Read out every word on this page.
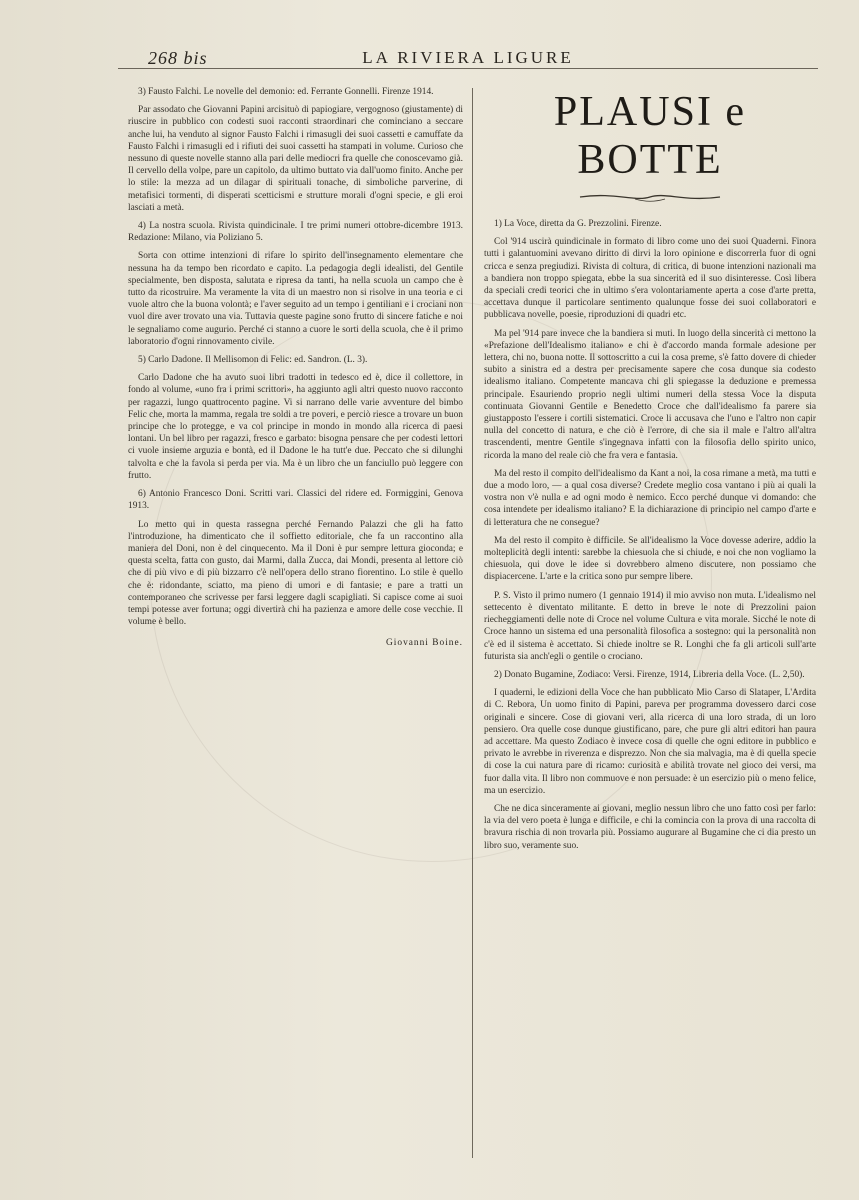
268 bis	LA RIVIERA LIGURE

3) Fausto Falchi. Le novelle del demonio: ed. Ferrante Gonnelli. Firenze 1914.

Par assodato che Giovanni Papini arcisituò di papiogiare, vergognoso (giustamente) di riuscire in pubblico con codesti suoi racconti straordinari che cominciano a seccare anche lui, ha venduto al signor Fausto Falchi i rimasugli dei suoi cassetti e camuffate da Fausto Falchi i rimasugli ed i rifiuti dei suoi cassetti ha stampati in volume. Curioso che nessuno di queste novelle stanno alla pari delle mediocri fra quelle che conoscevamo già. Il cervello della volpe, pare un capitolo, da ultimo buttato via dall'uomo finito. Anche per lo stile: la mezza ad un dilagar di spirituali tonache, di simboliche parverine, di metafisici tormenti, di disperati scetticismi e strutture morali d'ogni specie, e gli eroi lasciati a metà.

4) La nostra scuola. Rivista quindicinale. I tre primi numeri ottobre-dicembre 1913. Redazione: Milano, via Poliziano 5.

Sorta con ottime intenzioni di rifare lo spirito dell'insegnamento elementare che nessuna ha da tempo ben ricordato e capito. La pedagogia degli idealisti, del Gentile specialmente, ben disposta, salutata e ripresa da tanti, ha nella scuola un campo che è tutto da ricostruire. Ma veramente la vita di un maestro non si risolve in una teoria e ci vuole altro che la buona volontà; e l'aver seguito ad un tempo i gentiliani e i crociani non vuol dire aver trovato una via. Tuttavia queste pagine sono frutto di sincere fatiche e noi le segnaliamo come augurio. Perché ci stanno a cuore le sorti della scuola, che è il primo laboratorio d'ogni rinnovamento civile.

5) Carlo Dadone. Il Mellisomon di Felic: ed. Sandron. (L. 3).

Carlo Dadone che ha avuto suoi libri tradotti in tedesco ed è, dice il collettore, in fondo al volume, «uno fra i primi scrittori», ha aggiunto agli altri questo nuovo racconto per ragazzi, lungo quattrocento pagine. Vi si narrano delle varie avventure del bimbo Felic che, morta la mamma, regala tre soldi a tre poveri, e perciò riesce a trovare un buon principe che lo protegge, e va col principe in mondo in mondo alla ricerca di paesi lontani. Un bel libro per ragazzi, fresco e garbato: bisogna pensare che per codesti lettori ci vuole insieme arguzia e bontà, ed il Dadone le ha tutt'e due. Peccato che si dilunghi talvolta e che la favola si perda per via. Ma è un libro che un fanciullo può leggere con frutto.

6) Antonio Francesco Doni. Scritti vari. Classici del ridere ed. Formiggini, Genova 1913.

Lo metto qui in questa rassegna perché Fernando Palazzi che gli ha fatto l'introduzione, ha dimenticato che il soffietto editoriale, che fa un raccontino alla maniera del Doni, non è del cinquecento. Ma il Doni è pur sempre lettura gioconda; e questa scelta, fatta con gusto, dai Marmi, dalla Zucca, dai Mondi, presenta al lettore ciò che di più vivo e di più bizzarro c'è nell'opera dello strano fiorentino. Lo stile è quello che è: ridondante, sciatto, ma pieno di umori e di fantasie; e pare a tratti un contemporaneo che scrivesse per farsi leggere dagli scapigliati. Si capisce come ai suoi tempi potesse aver fortuna; oggi divertirà chi ha pazienza e amore delle cose vecchie. Il volume è bello.

Giovanni Boine.
PLAUSI e BOTTE

1) La Voce, diretta da G. Prezzolini. Firenze.

Col '914 uscirà quindicinale in formato di libro come uno dei suoi Quaderni. Finora tutti i galantuomini avevano diritto di dirvi la loro opinione e discorrerla fuor di ogni cricca e senza pregiudizi. Rivista di coltura, di critica, di buone intenzioni nazionali ma a bandiera non troppo spiegata, ebbe la sua sincerità ed il suo disinteresse. Così libera da speciali credi teorici che in ultimo s'era volontariamente aperta a cose d'arte pretta, accettava dunque il particolare sentimento qualunque fosse dei suoi collaboratori e pubblicava novelle, poesie, riproduzioni di quadri etc.

Ma pel '914 pare invece che la bandiera si muti. In luogo della sincerità ci mettono la «Prefazione dell'Idealismo italiano» e chi è d'accordo manda formale adesione per lettera, chi no, buona notte. Il sottoscritto a cui la cosa preme, s'è fatto dovere di chieder subito a sinistra ed a destra per precisamente sapere che cosa dunque sia codesto idealismo italiano. Competente mancava chi gli spiegasse la deduzione e premessa principale. Esauriendo proprio negli ultimi numeri della stessa Voce la disputa continuata Giovanni Gentile e Benedetto Croce che dall'idealismo fa parere sia giustapposto l'essere i cortili sistematici. Croce li accusava che l'uno e l'altro non capir nulla del concetto di natura, e che ciò è l'errore, di che sia il male e l'altro all'altra trascendenti, mentre Gentile s'ingegnava infatti con la filosofia dello spirito unico, ricorda la mano del reale ciò che fra vera e fantasia.

Ma del resto il compito dell'idealismo da Kant a noi, la cosa rimane a metà, ma tutti e due a modo loro, — a qual cosa diverse? Credete meglio cosa vantano i più ai quali la vostra non v'è nulla e ad ogni modo è nemico. Ecco perché dunque vi domando: che cosa intendete per idealismo italiano? E la dichiarazione di principio nel campo d'arte e di letteratura che ne consegue?

Ma del resto il compito è difficile. Se all'idealismo la Voce dovesse aderire, addio la molteplicità degli intenti: sarebbe la chiesuola che si chiude, e noi che non vogliamo la chiesuola, qui dove le idee si dovrebbero almeno discutere, non possiamo che dispiacercene. L'arte e la critica sono pur sempre libere.

P. S. Visto il primo numero (1 gennaio 1914) il mio avviso non muta. L'idealismo nel settecento è diventato militante. E detto in breve le note di Prezzolini paion riecheggiamenti delle note di Croce nel volume Cultura e vita morale. Sicché le note di Croce hanno un sistema ed una personalità filosofica a sostegno: qui la personalità non c'è ed il sistema è accettato. Si chiede inoltre se R. Longhi che fa gli articoli sull'arte futurista sia anch'egli o gentile o crociano.

2) Donato Bugamine, Zodiaco: Versi. Firenze, 1914, Libreria della Voce. (L. 2,50).

I quaderni, le edizioni della Voce che han pubblicato Mio Carso di Slataper, L'Ardita di C. Rebora, Un uomo finito di Papini, pareva per programma dovessero darci cose originali e sincere. Cose di giovani veri, alla ricerca di una loro strada, di un loro pensiero. Ora quelle cose dunque giustificano, pare, che pure gli altri editori han paura ad accettare. Ma questo Zodiaco è invece cosa di quelle che ogni editore in pubblico e privato le avrebbe in riverenza e disprezzo. Non che sia malvagia, ma è di quella specie di cose la cui natura pare di ricamo: curiosità e abilità trovate nel gioco dei versi, ma fuor dalla vita. Il libro non commuove e non persuade: è un esercizio più o meno felice, ma un esercizio.

Che ne dica sinceramente ai giovani, meglio nessun libro che uno fatto così per farlo: la via del vero poeta è lunga e difficile, e chi la comincia con la prova di una raccolta di bravura rischia di non trovarla più. Possiamo augurare al Bugamine che ci dia presto un libro suo, veramente suo.
